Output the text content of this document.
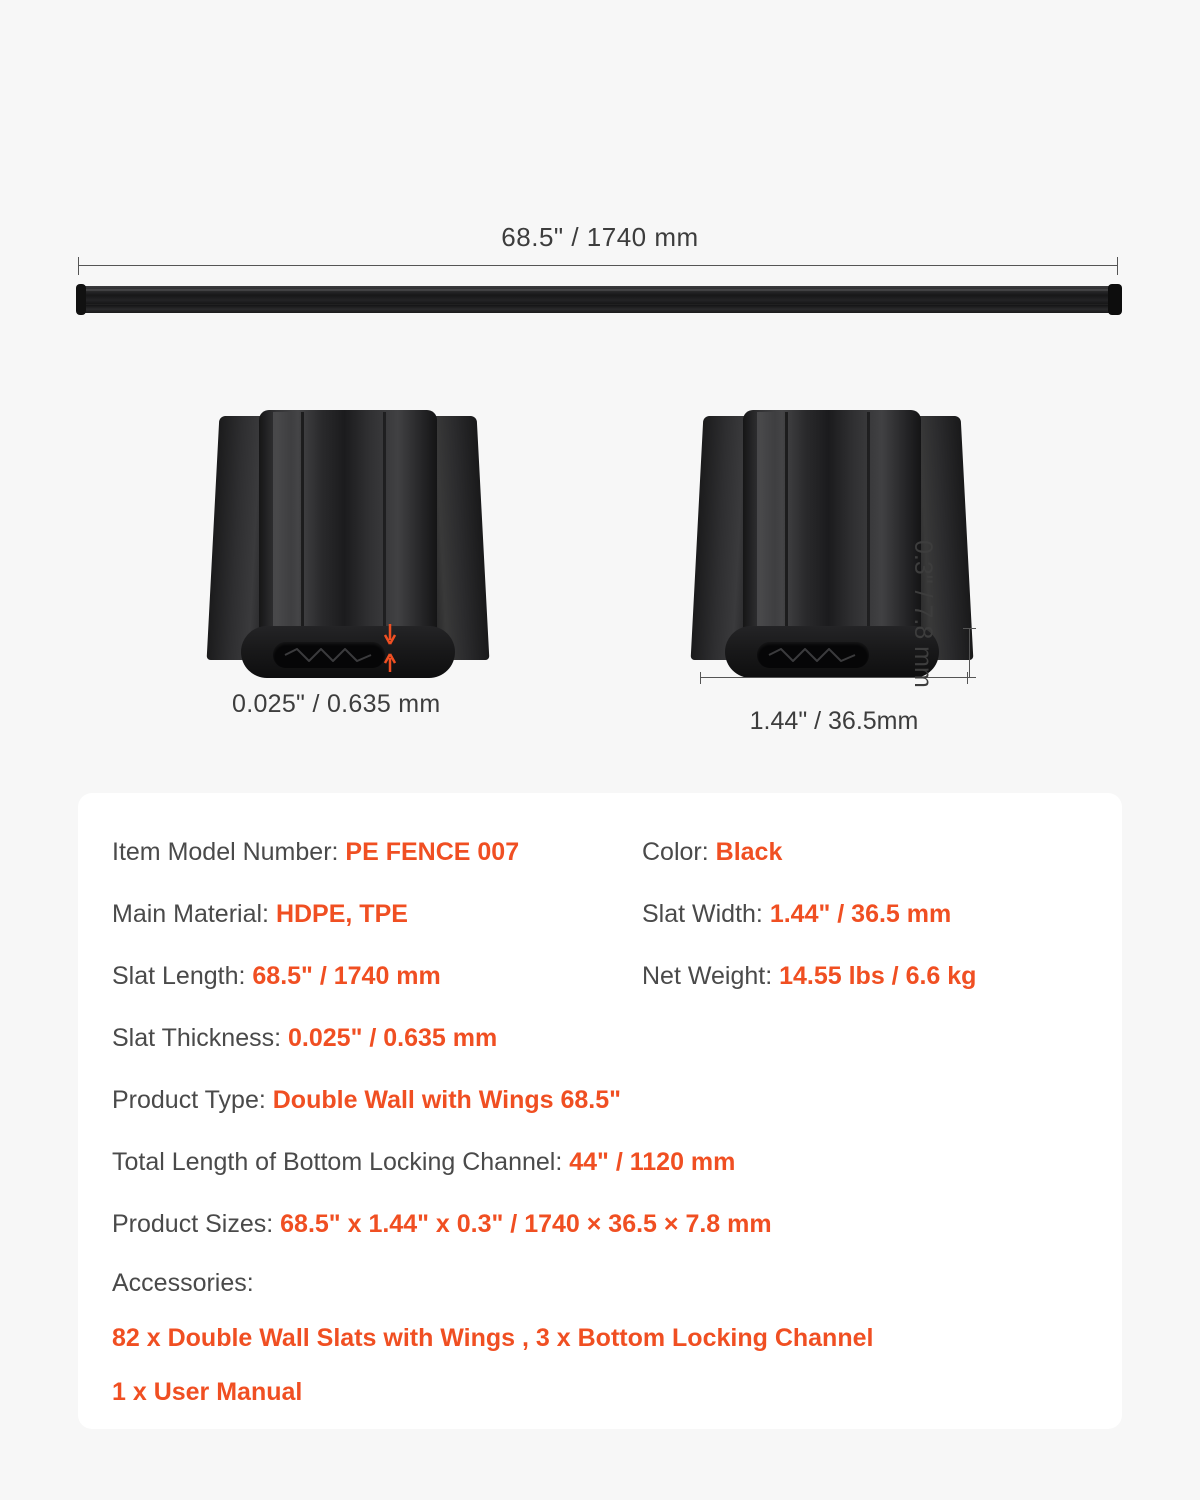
68.5" / 1740 mm
0.025" / 0.635 mm
1.44" / 36.5mm
0.3" / 7.8 mm
Item Model Number: PE FENCE 007	Color: Black
Main Material: HDPE, TPE	Slat Width: 1.44" / 36.5 mm
Slat Length: 68.5" / 1740 mm	Net Weight: 14.55 lbs / 6.6 kg
Slat Thickness: 0.025" / 0.635 mm
Product Type: Double Wall with Wings 68.5"
Total Length of Bottom Locking Channel: 44" / 1120 mm
Product Sizes: 68.5" x 1.44" x 0.3" / 1740 × 36.5 × 7.8 mm
Accessories:
82 x Double Wall Slats with Wings , 3 x Bottom Locking Channel
1 x User Manual
